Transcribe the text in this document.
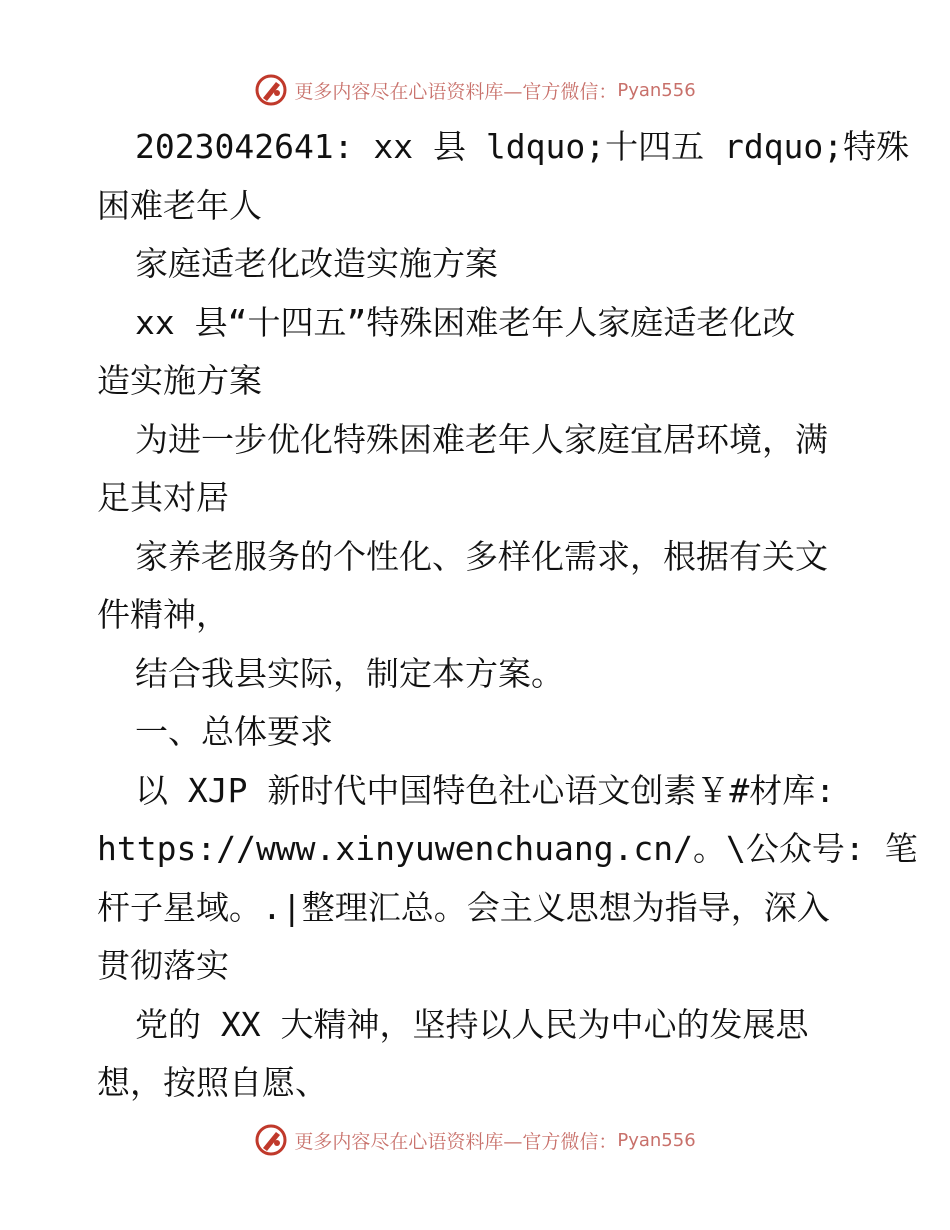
更多内容尽在心语资料库—官方微信： Pyan556
2023042641: xx 县 ldquo;十四五 rdquo;特殊
困难老年人
家庭适老化改造实施方案
xx 县“十四五”特殊困难老年人家庭适老化改
造实施方案
为进一步优化特殊困难老年人家庭宜居环境，满
足其对居
家养老服务的个性化、多样化需求，根据有关文
件精神，
结合我县实际，制定本方案。
一、总体要求
以 XJP 新时代中国特色社心语文创素￥#材库:
https://www.xinyuwenchuang.cn/。\公众号: 笔
杆子星域。.|整理汇总。会主义思想为指导，深入
贯彻落实
党的 XX 大精神，坚持以人民为中心的发展思
想，按照自愿、
更多内容尽在心语资料库—官方微信： Pyan556
